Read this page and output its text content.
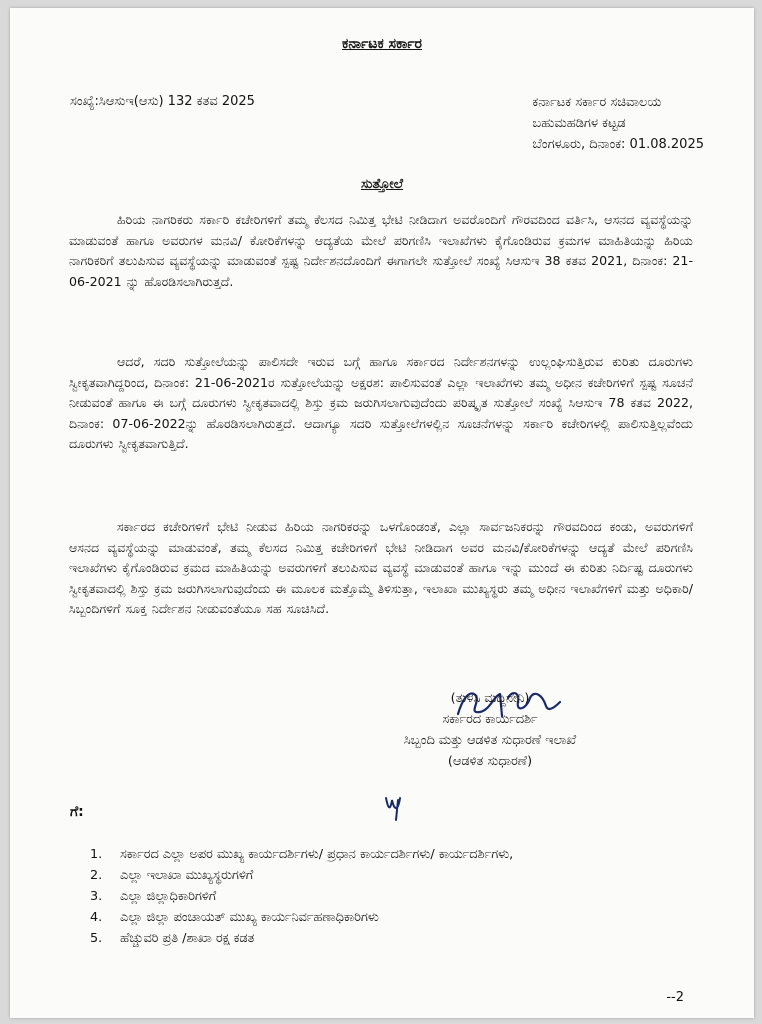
ಕರ್ನಾಟಕ ಸರ್ಕಾರ
ಸಂಖ್ಯೆ:ಸಿಆಸುಇ(ಆಸು) 132 ಕತವ 2025	ಕರ್ನಾಟಕ ಸರ್ಕಾರ ಸಚಿವಾಲಯ
ಬಹುಮಹಡಿಗಳ ಕಟ್ಟಡ
ಬೆಂಗಳೂರು, ದಿನಾಂಕ: 01.08.2025
ಸುತ್ತೋಲೆ
ಹಿರಿಯ ನಾಗರಿಕರು ಸರ್ಕಾರಿ ಕಚೇರಿಗಳಿಗೆ ತಮ್ಮ ಕೆಲಸದ ನಿಮಿತ್ತ ಭೇಟಿ ನೀಡಿದಾಗ ಅವರೊಂದಿಗೆ ಗೌರವದಿಂದ ವರ್ತಿಸಿ, ಆಸನದ ವ್ಯವಸ್ಥೆಯನ್ನು ಮಾಡುವಂತೆ ಹಾಗೂ ಅವರುಗಳ ಮನವಿ/ ಕೋರಿಕೆಗಳನ್ನು ಆದ್ಯತೆಯ ಮೇಲೆ ಪರಿಗಣಿಸಿ ಇಲಾಖೆಗಳು ಕೈಗೊಂಡಿರುವ ಕ್ರಮಗಳ ಮಾಹಿತಿಯನ್ನು ಹಿರಿಯ ನಾಗರಿಕರಿಗೆ ತಲುಪಿಸುವ ವ್ಯವಸ್ಥೆಯನ್ನು ಮಾಡುವಂತೆ ಸ್ಪಷ್ಟ ನಿರ್ದೇಶನದೊಂದಿಗೆ ಈಗಾಗಲೇ ಸುತ್ತೋಲೆ ಸಂಖ್ಯೆ ಸಿಆಸುಇ 38 ಕತವ 2021, ದಿನಾಂಕ: 21-06-2021 ನ್ನು ಹೊರಡಿಸಲಾಗಿರುತ್ತದೆ.
ಆದರೆ, ಸದರಿ ಸುತ್ತೋಲೆಯನ್ನು ಪಾಲಿಸದೇ ಇರುವ ಬಗ್ಗೆ ಹಾಗೂ ಸರ್ಕಾರದ ನಿರ್ದೇಶನಗಳನ್ನು ಉಲ್ಲಂಘಿಸುತ್ತಿರುವ ಕುರಿತು ದೂರುಗಳು ಸ್ವೀಕೃತವಾಗಿದ್ದರಿಂದ, ದಿನಾಂಕ: 21-06-2021ರ ಸುತ್ತೋಲೆಯನ್ನು ಅಕ್ಷರಶ: ಪಾಲಿಸುವಂತೆ ಎಲ್ಲಾ ಇಲಾಖೆಗಳು ತಮ್ಮ ಅಧೀನ ಕಚೇರಿಗಳಿಗೆ ಸ್ಪಷ್ಟ ಸೂಚನೆ ನೀಡುವಂತೆ ಹಾಗೂ ಈ ಬಗ್ಗೆ ದೂರುಗಳು ಸ್ವೀಕೃತವಾದಲ್ಲಿ ಶಿಸ್ತು ಕ್ರಮ ಜರುಗಿಸಲಾಗುವುದೆಂದು ಪರಿಷ್ಕೃತ ಸುತ್ತೋಲೆ ಸಂಖ್ಯೆ ಸಿಆಸುಇ 78 ಕತವ 2022, ದಿನಾಂಕ: 07-06-2022ನ್ನು ಹೊರಡಿಸಲಾಗಿರುತ್ತದೆ. ಆದಾಗ್ಯೂ ಸದರಿ ಸುತ್ತೋಲೆಗಳಲ್ಲಿನ ಸೂಚನೆಗಳನ್ನು ಸರ್ಕಾರಿ ಕಚೇರಿಗಳಲ್ಲಿ ಪಾಲಿಸುತ್ತಿಲ್ಲವೆಂದು ದೂರುಗಳು ಸ್ವೀಕೃತವಾಗುತ್ತಿದೆ.
ಸರ್ಕಾರದ ಕಚೇರಿಗಳಿಗೆ ಭೇಟಿ ನೀಡುವ ಹಿರಿಯ ನಾಗರಿಕರನ್ನು ಒಳಗೊಂಡಂತೆ, ಎಲ್ಲಾ ಸಾರ್ವಜನಿಕರನ್ನು ಗೌರವದಿಂದ ಕಂಡು, ಅವರುಗಳಿಗೆ ಆಸನದ ವ್ಯವಸ್ಥೆಯನ್ನು ಮಾಡುವಂತೆ, ತಮ್ಮ ಕೆಲಸದ ನಿಮಿತ್ತ ಕಚೇರಿಗಳಿಗೆ ಭೇಟಿ ನೀಡಿದಾಗ ಅವರ ಮನವಿ/ಕೋರಿಕೆಗಳನ್ನು ಆದ್ಯತೆ ಮೇಲೆ ಪರಿಗಣಿಸಿ ಇಲಾಖೆಗಳು ಕೈಗೊಂಡಿರುವ ಕ್ರಮದ ಮಾಹಿತಿಯನ್ನು ಅವರುಗಳಿಗೆ ತಲುಪಿಸುವ ವ್ಯವಸ್ಥೆ ಮಾಡುವಂತೆ ಹಾಗೂ ಇನ್ನು ಮುಂದೆ ಈ ಕುರಿತು ನಿರ್ದಿಷ್ಟ ದೂರುಗಳು ಸ್ವೀಕೃತವಾದಲ್ಲಿ ಶಿಸ್ತು ಕ್ರಮ ಜರುಗಿಸಲಾಗುವುದೆಂದು ಈ ಮೂಲಕ ಮತ್ತೊಮ್ಮೆ ತಿಳಿಸುತ್ತಾ, ಇಲಾಖಾ ಮುಖ್ಯಸ್ಥರು ತಮ್ಮ ಅಧೀನ ಇಲಾಖೆಗಳಿಗೆ ಮತ್ತು ಅಧಿಕಾರಿ/ಸಿಬ್ಬಂದಿಗಳಿಗೆ ಸೂಕ್ತ ನಿರ್ದೇಶನ ನೀಡುವಂತೆಯೂ ಸಹ ಸೂಚಿಸಿದೆ.
(ತುಳಸಿ ಮದ್ದಿನೇನಿ)
ಸರ್ಕಾರದ ಕಾರ್ಯದರ್ಶಿ
ಸಿಬ್ಬಂದಿ ಮತ್ತು ಆಡಳಿತ ಸುಧಾರಣೆ ಇಲಾಖೆ
(ಆಡಳಿತ ಸುಧಾರಣೆ)
ಗೆ:
1.	ಸರ್ಕಾರದ ಎಲ್ಲಾ ಅಪರ ಮುಖ್ಯ ಕಾರ್ಯದರ್ಶಿಗಳು/ ಪ್ರಧಾನ ಕಾರ್ಯದರ್ಶಿಗಳು/ ಕಾರ್ಯದರ್ಶಿಗಳು,
2.	ಎಲ್ಲಾ ಇಲಾಖಾ ಮುಖ್ಯಸ್ಥರುಗಳಿಗೆ
3.	ಎಲ್ಲಾ ಜಿಲ್ಲಾಧಿಕಾರಿಗಳಿಗೆ
4.	ಎಲ್ಲಾ ಜಿಲ್ಲಾ ಪಂಚಾಯತ್ ಮುಖ್ಯ ಕಾರ್ಯನಿರ್ವಹಣಾಧಿಕಾರಿಗಳು
5.	ಹೆಚ್ಚುವರಿ ಪ್ರತಿ /ಶಾಖಾ ರಕ್ಷ ಕಡತ
--2
